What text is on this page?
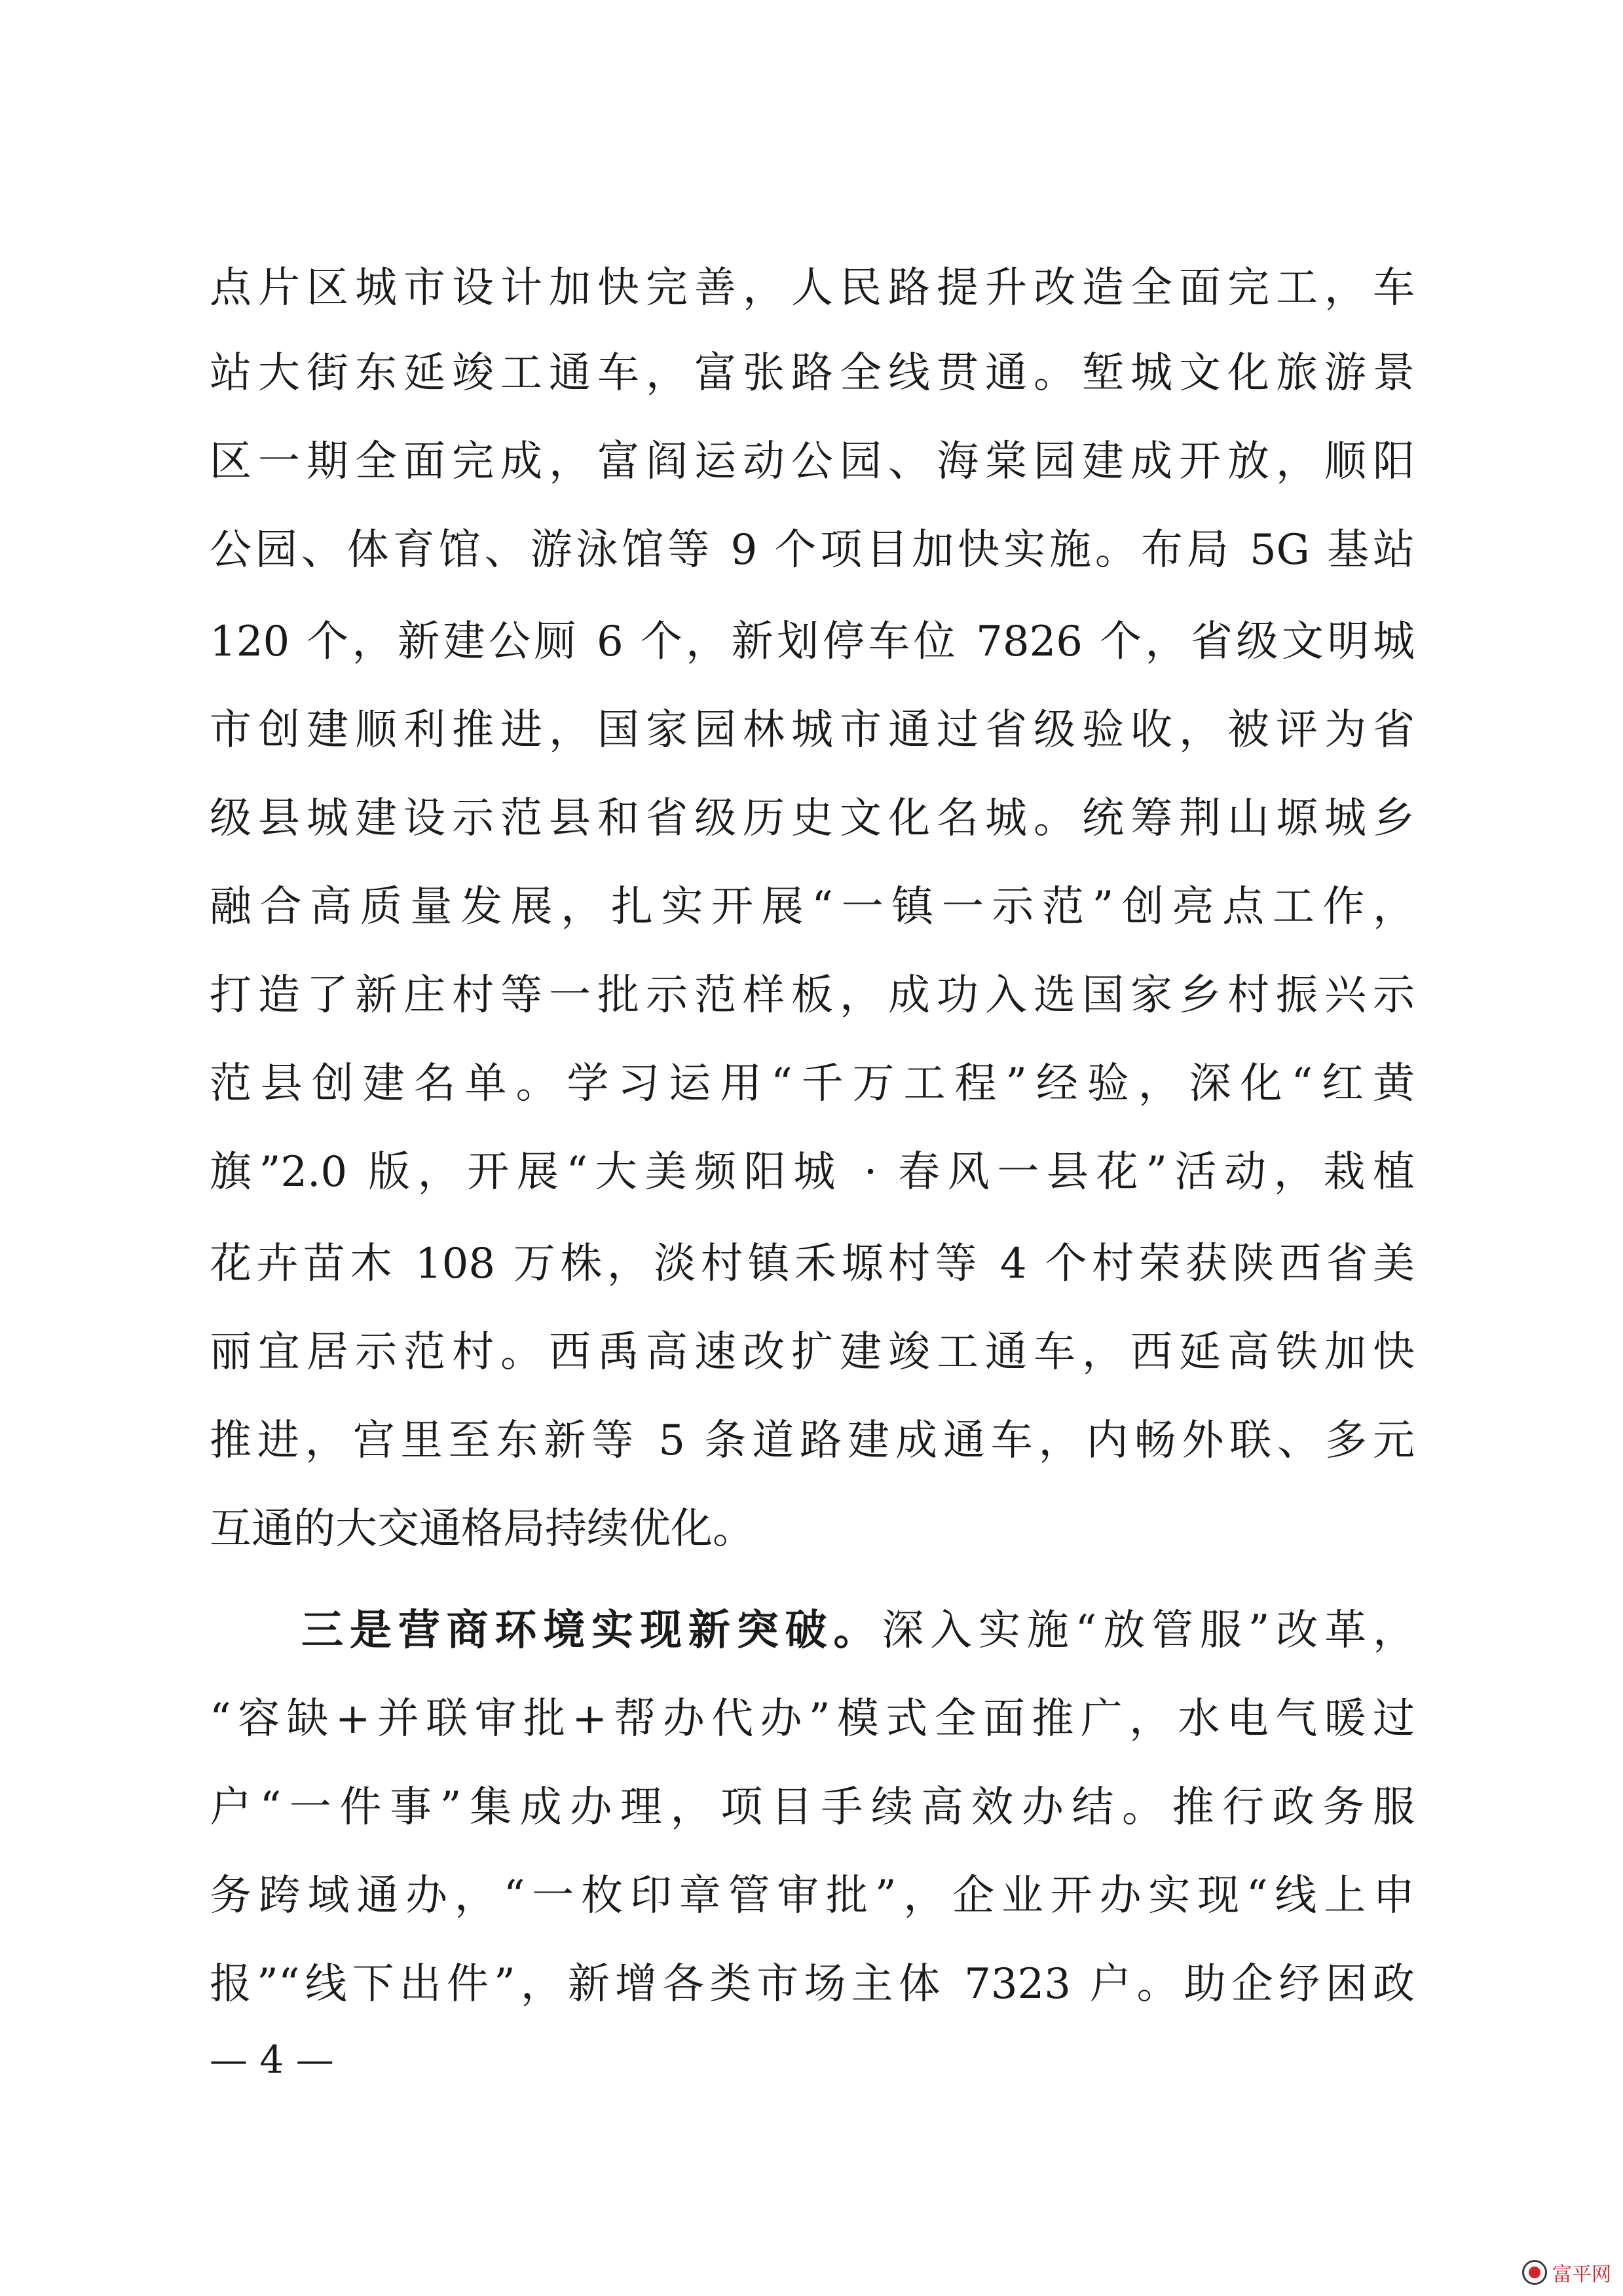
点片区城市设计加快完善，人民路提升改造全面完工，车
站大街东延竣工通车，富张路全线贯通。堑城文化旅游景
区一期全面完成，富阎运动公园、海棠园建成开放，顺阳
公园、体育馆、游泳馆等 9 个项目加快实施。布局 5G 基站
120 个，新建公厕 6 个，新划停车位 7826 个，省级文明城
市创建顺利推进，国家园林城市通过省级验收，被评为省
级县城建设示范县和省级历史文化名城。统筹荆山塬城乡
融合高质量发展，扎实开展“一镇一示范”创亮点工作，
打造了新庄村等一批示范样板，成功入选国家乡村振兴示
范县创建名单。学习运用“千万工程”经验，深化“红黄
旗”2.0 版，开展“大美频阳城 · 春风一县花”活动，栽植
花卉苗木 108 万株，淡村镇禾塬村等 4 个村荣获陕西省美
丽宜居示范村。西禹高速改扩建竣工通车，西延高铁加快
推进，宫里至东新等 5 条道路建成通车，内畅外联、多元
互通的大交通格局持续优化。
三是营商环境实现新突破。深入实施“放管服”改革，
“容缺+并联审批+帮办代办”模式全面推广，水电气暖过
户“一件事”集成办理，项目手续高效办结。推行政务服
务跨域通办，“一枚印章管审批”，企业开办实现“线上申
报”“线下出件”，新增各类市场主体 7323 户。助企纾困政
— 4 —
富平网
